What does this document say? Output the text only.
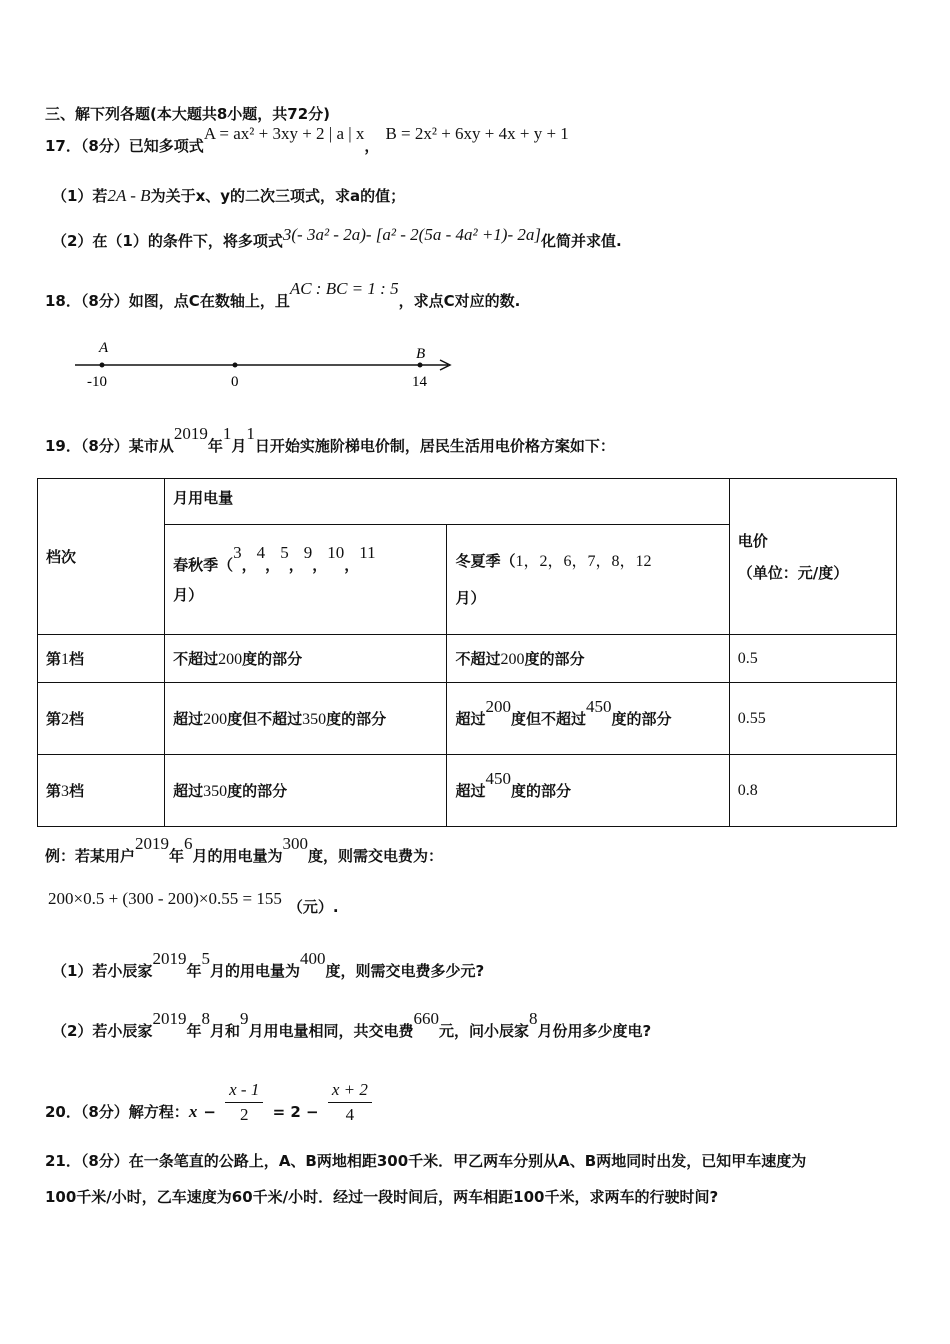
三、解下列各题(本大题共8小题，共72分)
17．（8分）已知多项式A = ax² + 3xy + 2 | a | x，B = 2x² + 6xy + 4x + y + 1
（1）若2A - B为关于x、y的二次三项式，求a的值；
（2）在（1）的条件下，将多项式3(- 3a² - 2a)- [a² - 2(5a - 4a² +1)- 2a]化简并求值.
18．（8分）如图，点C在数轴上，且AC : BC = 1 : 5，求点C对应的数.
A	B
-10	0	14
19．（8分）某市从2019年1月1日开始实施阶梯电价制，居民生活用电价格方案如下：
档次	月用电量		电价
（单位：元/度）

	春秋季（3，4，5，9，10，11
月）	冬夏季（1，2，6，7，8，12
月）	
第1档	不超过200度的部分	不超过200度的部分	0.5
第2档	超过200度但不超过350度的部分	超过200度但不超过450度的部分	0.55
第3档	超过350度的部分	超过450度的部分	0.8
例：若某用户2019年6月的用电量为300度，则需交电费为：
200×0.5 + (300 - 200)×0.55 = 155 （元）.
（1）若小辰家2019年5月的用电量为400度，则需交电费多少元?
（2）若小辰家2019年8月和9月用电量相同，共交电费660元，问小辰家8月份用多少度电?
20．（8分）解方程：$x - \frac{x - 1}{2} = 2 - \frac{x + 2}{4}$
21．（8分）在一条笔直的公路上，A、B两地相距300千米．甲乙两车分别从A、B两地同时出发，已知甲车速度为
100千米/小时，乙车速度为60千米/小时．经过一段时间后，两车相距100千米，求两车的行驶时间?
